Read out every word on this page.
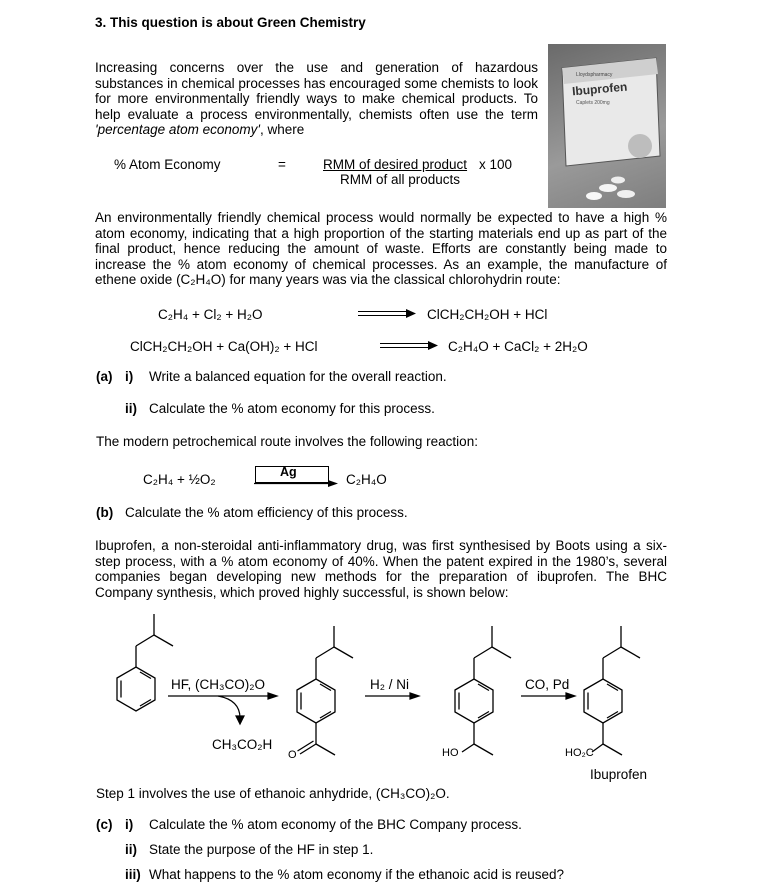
3. This question is about Green Chemistry
Increasing concerns over the use and generation of hazardous substances in chemical processes has encouraged some chemists to look for more environmentally friendly ways to make chemical products. To help evaluate a process environmentally, chemists often use the term 'percentage atom economy', where
% Atom Economy	=	RMM of desired product x 100
RMM of all products
Lloydspharmacy
Ibuprofen
Caplets 200mg
An environmentally friendly chemical process would normally be expected to have a high % atom economy, indicating that a high proportion of the starting materials end up as part of the final product, hence reducing the amount of waste. Efforts are constantly being made to increase the % atom economy of chemical processes. As an example, the manufacture of ethene oxide (C₂H₄O) for many years was via the classical chlorohydrin route:
C₂H₄ + Cl₂ + H₂O	ClCH₂CH₂OH + HCl
ClCH₂CH₂OH + Ca(OH)₂ + HCl	C₂H₄O + CaCl₂ + 2H₂O
(a) i) Write a balanced equation for the overall reaction.
ii) Calculate the % atom economy for this process.
The modern petrochemical route involves the following reaction:
C₂H₄ + ½O₂	Ag	C₂H₄O
(b) Calculate the % atom efficiency of this process.
Ibuprofen, a non-steroidal anti-inflammatory drug, was first synthesised by Boots using a six-step process, with a % atom economy of 40%. When the patent expired in the 1980’s, several companies began developing new methods for the preparation of ibuprofen. The BHC Company synthesis, which proved highly successful, is shown below:
HF, (CH₃CO)₂O
CH₃CO₂H
H₂ / Ni	CO, Pd
O	HO	HO₂C
Ibuprofen
Step 1 involves the use of ethanoic anhydride, (CH₃CO)₂O.
(c) i) Calculate the % atom economy of the BHC Company process.
ii) State the purpose of the HF in step 1.
iii) What happens to the % atom economy if the ethanoic acid is reused?
